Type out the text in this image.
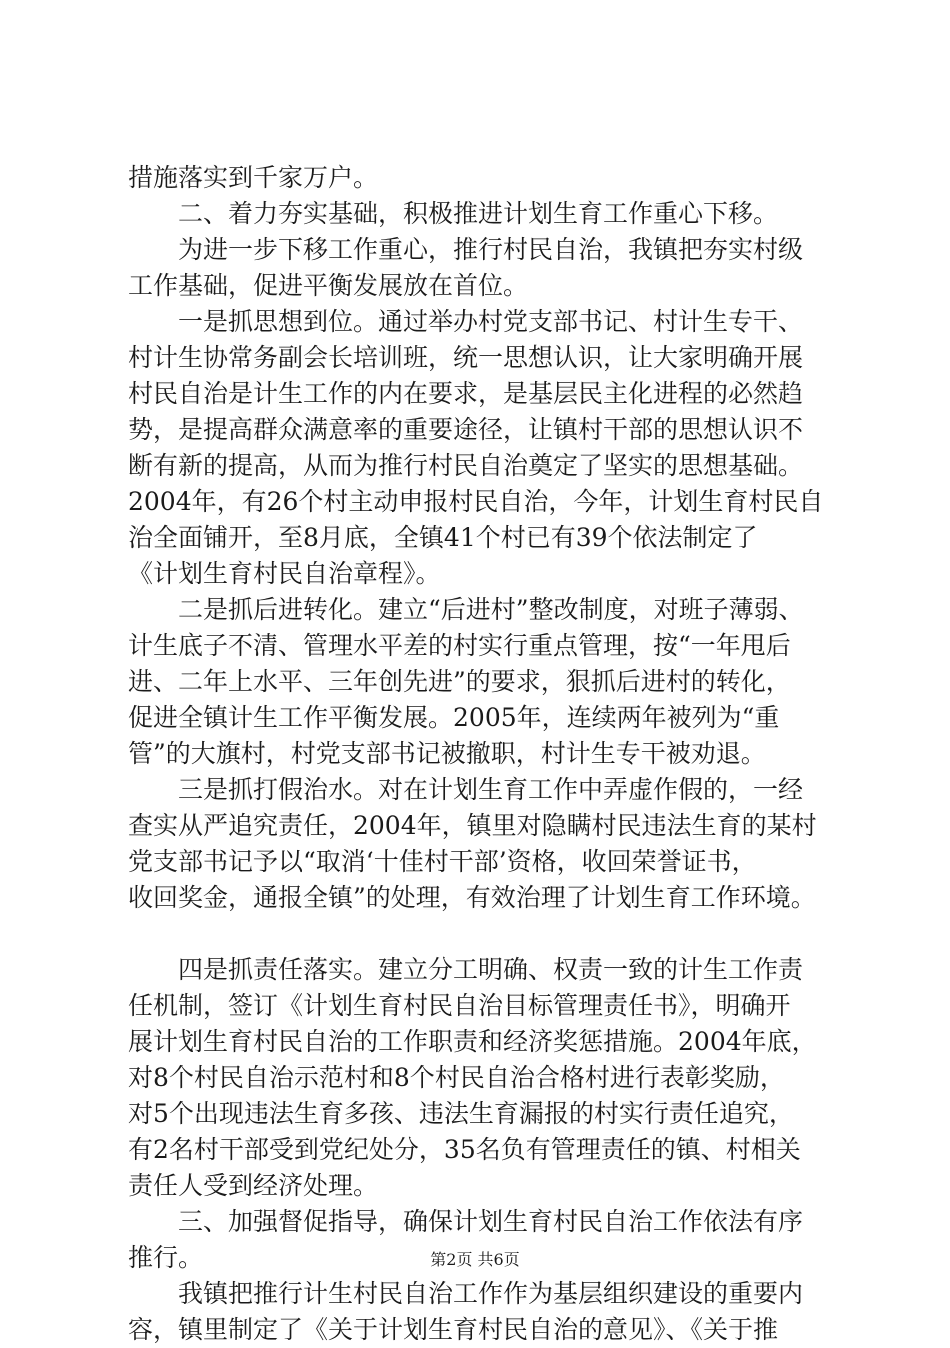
措施落实到千家万户。
二、着力夯实基础，积极推进计划生育工作重心下移。
为进一步下移工作重心，推行村民自治，我镇把夯实村级
工作基础，促进平衡发展放在首位。
一是抓思想到位。通过举办村党支部书记、村计生专干、
村计生协常务副会长培训班，统一思想认识，让大家明确开展
村民自治是计生工作的内在要求，是基层民主化进程的必然趋
势，是提高群众满意率的重要途径，让镇村干部的思想认识不
断有新的提高，从而为推行村民自治奠定了坚实的思想基础。
2004年，有26个村主动申报村民自治，今年，计划生育村民自
治全面铺开，至8月底，全镇41个村已有39个依法制定了
《计划生育村民自治章程》。
二是抓后进转化。建立“后进村”整改制度，对班子薄弱、
计生底子不清、管理水平差的村实行重点管理，按“一年甩后
进、二年上水平、三年创先进”的要求，狠抓后进村的转化，
促进全镇计生工作平衡发展。2005年，连续两年被列为“重
管”的大旗村，村党支部书记被撤职，村计生专干被劝退。
三是抓打假治水。对在计划生育工作中弄虚作假的，一经
查实从严追究责任，2004年，镇里对隐瞒村民违法生育的某村
党支部书记予以“取消‘十佳村干部’资格，收回荣誉证书，
收回奖金，通报全镇”的处理，有效治理了计划生育工作环境。
四是抓责任落实。建立分工明确、权责一致的计生工作责
任机制，签订《计划生育村民自治目标管理责任书》，明确开
展计划生育村民自治的工作职责和经济奖惩措施。2004年底，
对8个村民自治示范村和8个村民自治合格村进行表彰奖励，
对5个出现违法生育多孩、违法生育漏报的村实行责任追究，
有2名村干部受到党纪处分，35名负有管理责任的镇、村相关
责任人受到经济处理。
三、加强督促指导，确保计划生育村民自治工作依法有序
推行。
我镇把推行计生村民自治工作作为基层组织建设的重要内
容，镇里制定了《关于计划生育村民自治的意见》、《关于推
第2页 共6页
